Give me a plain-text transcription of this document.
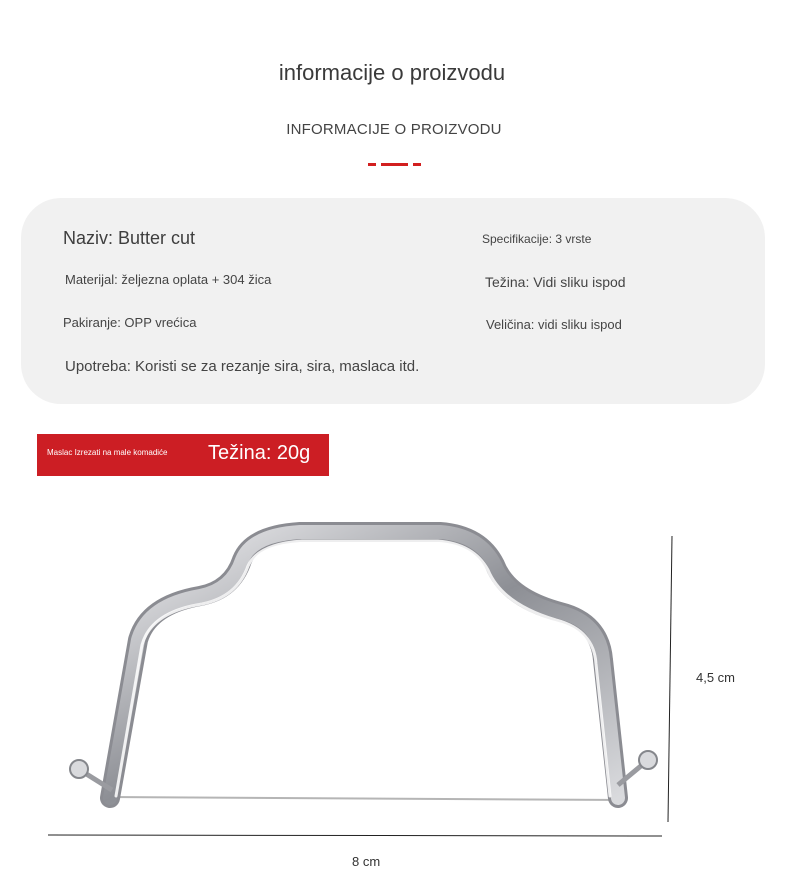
informacije o proizvodu
INFORMACIJE O PROIZVODU
Naziv: Butter cut	Specifikacije: 3 vrste
Materijal: željezna oplata + 304 žica	Težina: Vidi sliku ispod
Pakiranje: OPP vrećica	Veličina: vidi sliku ispod
Upotreba: Koristi se za rezanje sira, sira, maslaca itd.
Maslac Izrezati na male komadiće Težina: 20g
4,5 cm
8 cm
